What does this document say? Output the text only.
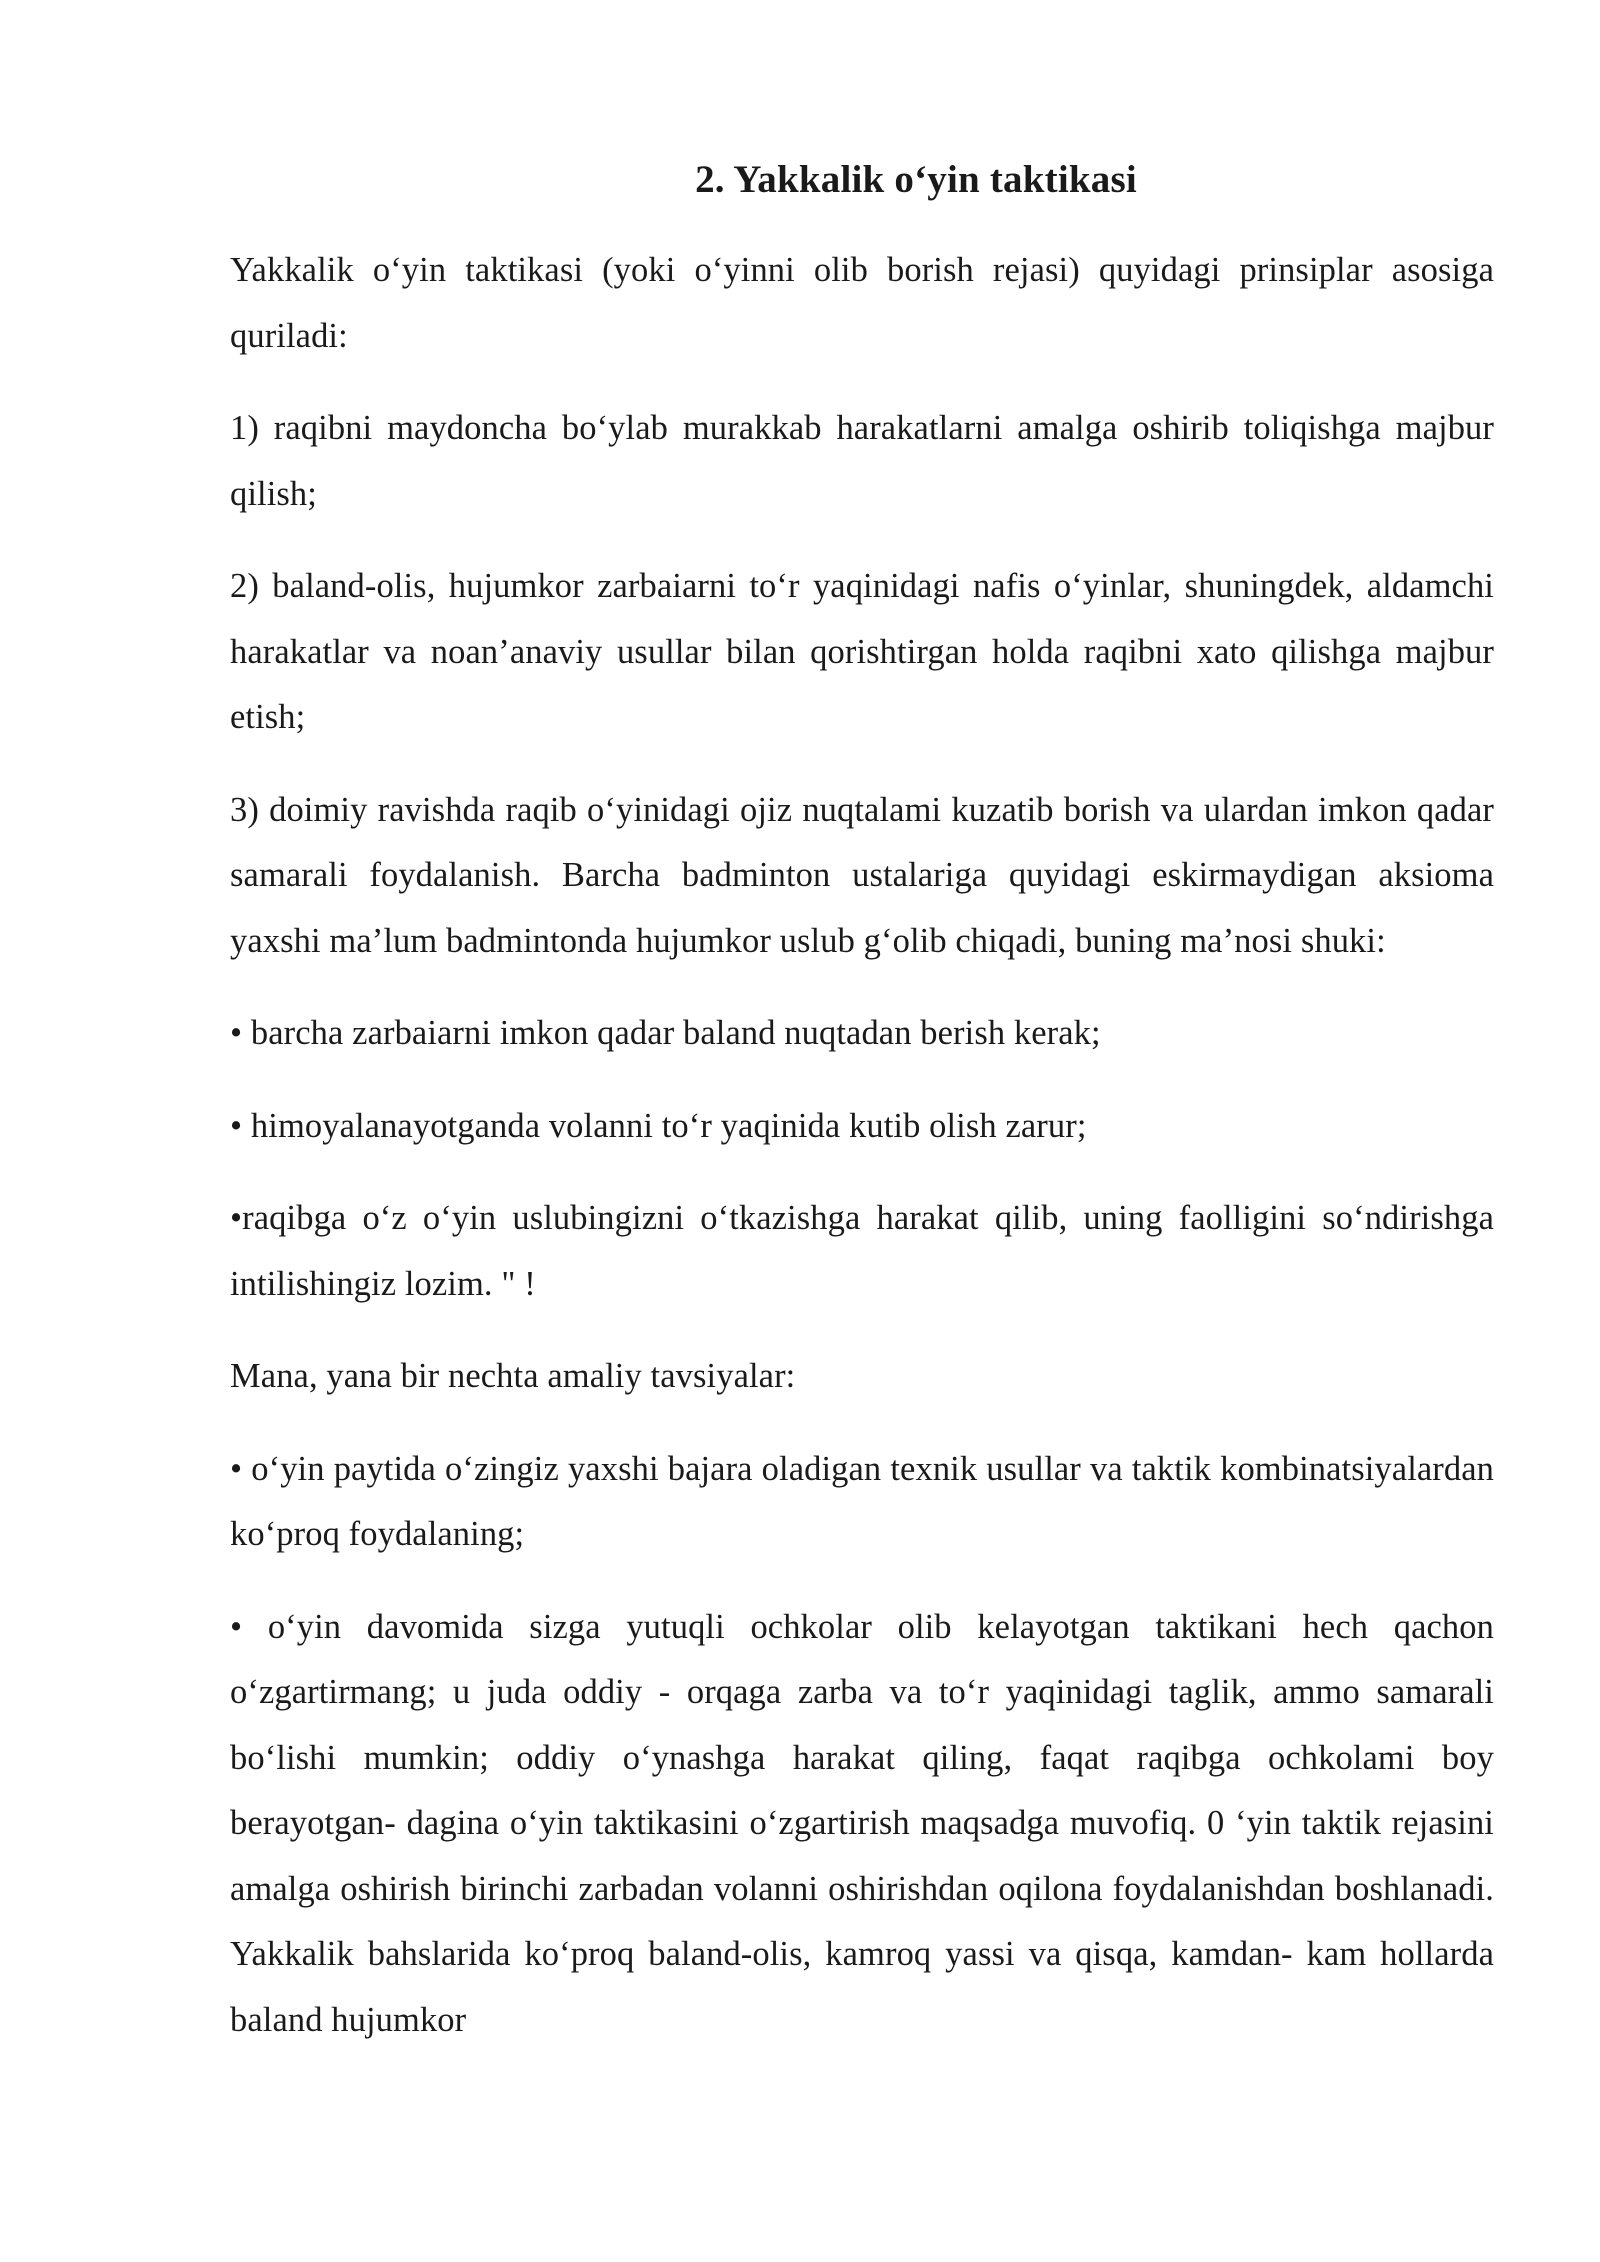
2. Yakkalik o‘yin taktikasi

Yakkalik o‘yin taktikasi (yoki o‘yinni olib borish rejasi) quyidagi prinsiplar asosiga quriladi:

1) raqibni maydoncha bo‘ylab murakkab harakatlarni amalga oshirib toliqishga majbur qilish;

2) baland-olis, hujumkor zarbaiarni to‘r yaqinidagi nafis o‘yinlar, shuningdek, aldamchi harakatlar va noan’anaviy usullar bilan qorishtirgan holda raqibni xato qilishga majbur etish;

3) doimiy ravishda raqib o‘yinidagi ojiz nuqtalami kuzatib borish va ulardan imkon qadar samarali foydalanish. Barcha badminton ustalariga quyidagi eskirmaydigan aksioma yaxshi ma’lum badmintonda hujumkor uslub g‘olib chiqadi, buning ma’nosi shuki:

• barcha zarbaiarni imkon qadar baland nuqtadan berish kerak;

• himoyalanayotganda volanni to‘r yaqinida kutib olish zarur;

•raqibga o‘z o‘yin uslubingizni o‘tkazishga harakat qilib, uning faolligini so‘ndirishga intilishingiz lozim. " !

Mana, yana bir nechta amaliy tavsiyalar:

• o‘yin paytida o‘zingiz yaxshi bajara oladigan texnik usullar va taktik kombinatsiyalardan ko‘proq foydalaning;

• o‘yin davomida sizga yutuqli ochkolar olib kelayotgan taktikani hech qachon o‘zgartirmang; u juda oddiy - orqaga zarba va to‘r yaqinidagi taglik, ammo samarali bo‘lishi mumkin; oddiy o‘ynashga harakat qiling, faqat raqibga ochkolami boy berayotgan- dagina o‘yin taktikasini o‘zgartirish maqsadga muvofiq. 0 ‘yin taktik rejasini amalga oshirish birinchi zarbadan volanni oshirishdan oqilona foydalanishdan boshlanadi. Yakkalik bahslarida ko‘proq baland-olis, kamroq yassi va qisqa, kamdan- kam hollarda baland hujumkor
